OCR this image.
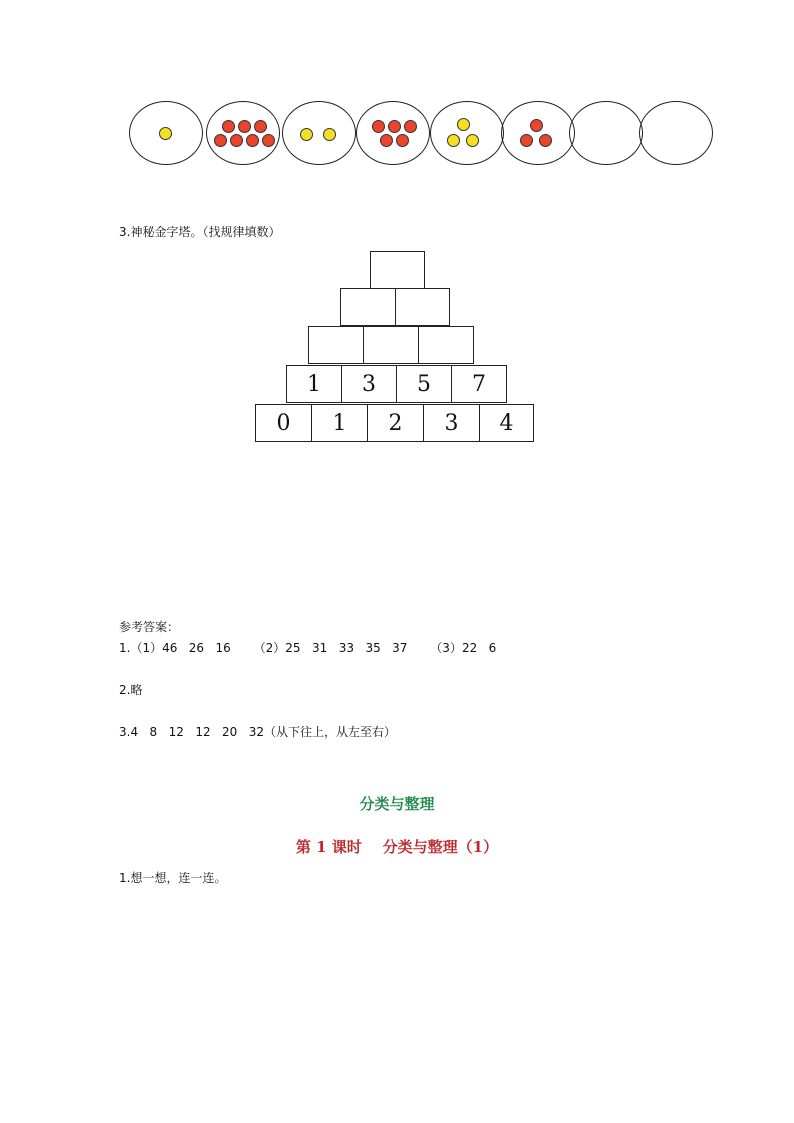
3.神秘金字塔。（找规律填数）
1	3	5	7
0	1	2	3	4
参考答案：
1.（1）46   26   16      （2）25   31   33   35   37      （3）22   6
2.略
3.4   8   12   12   20   32（从下往上，从左至右）
分类与整理
第 1 课时    分类与整理（1）
1.想一想，连一连。
